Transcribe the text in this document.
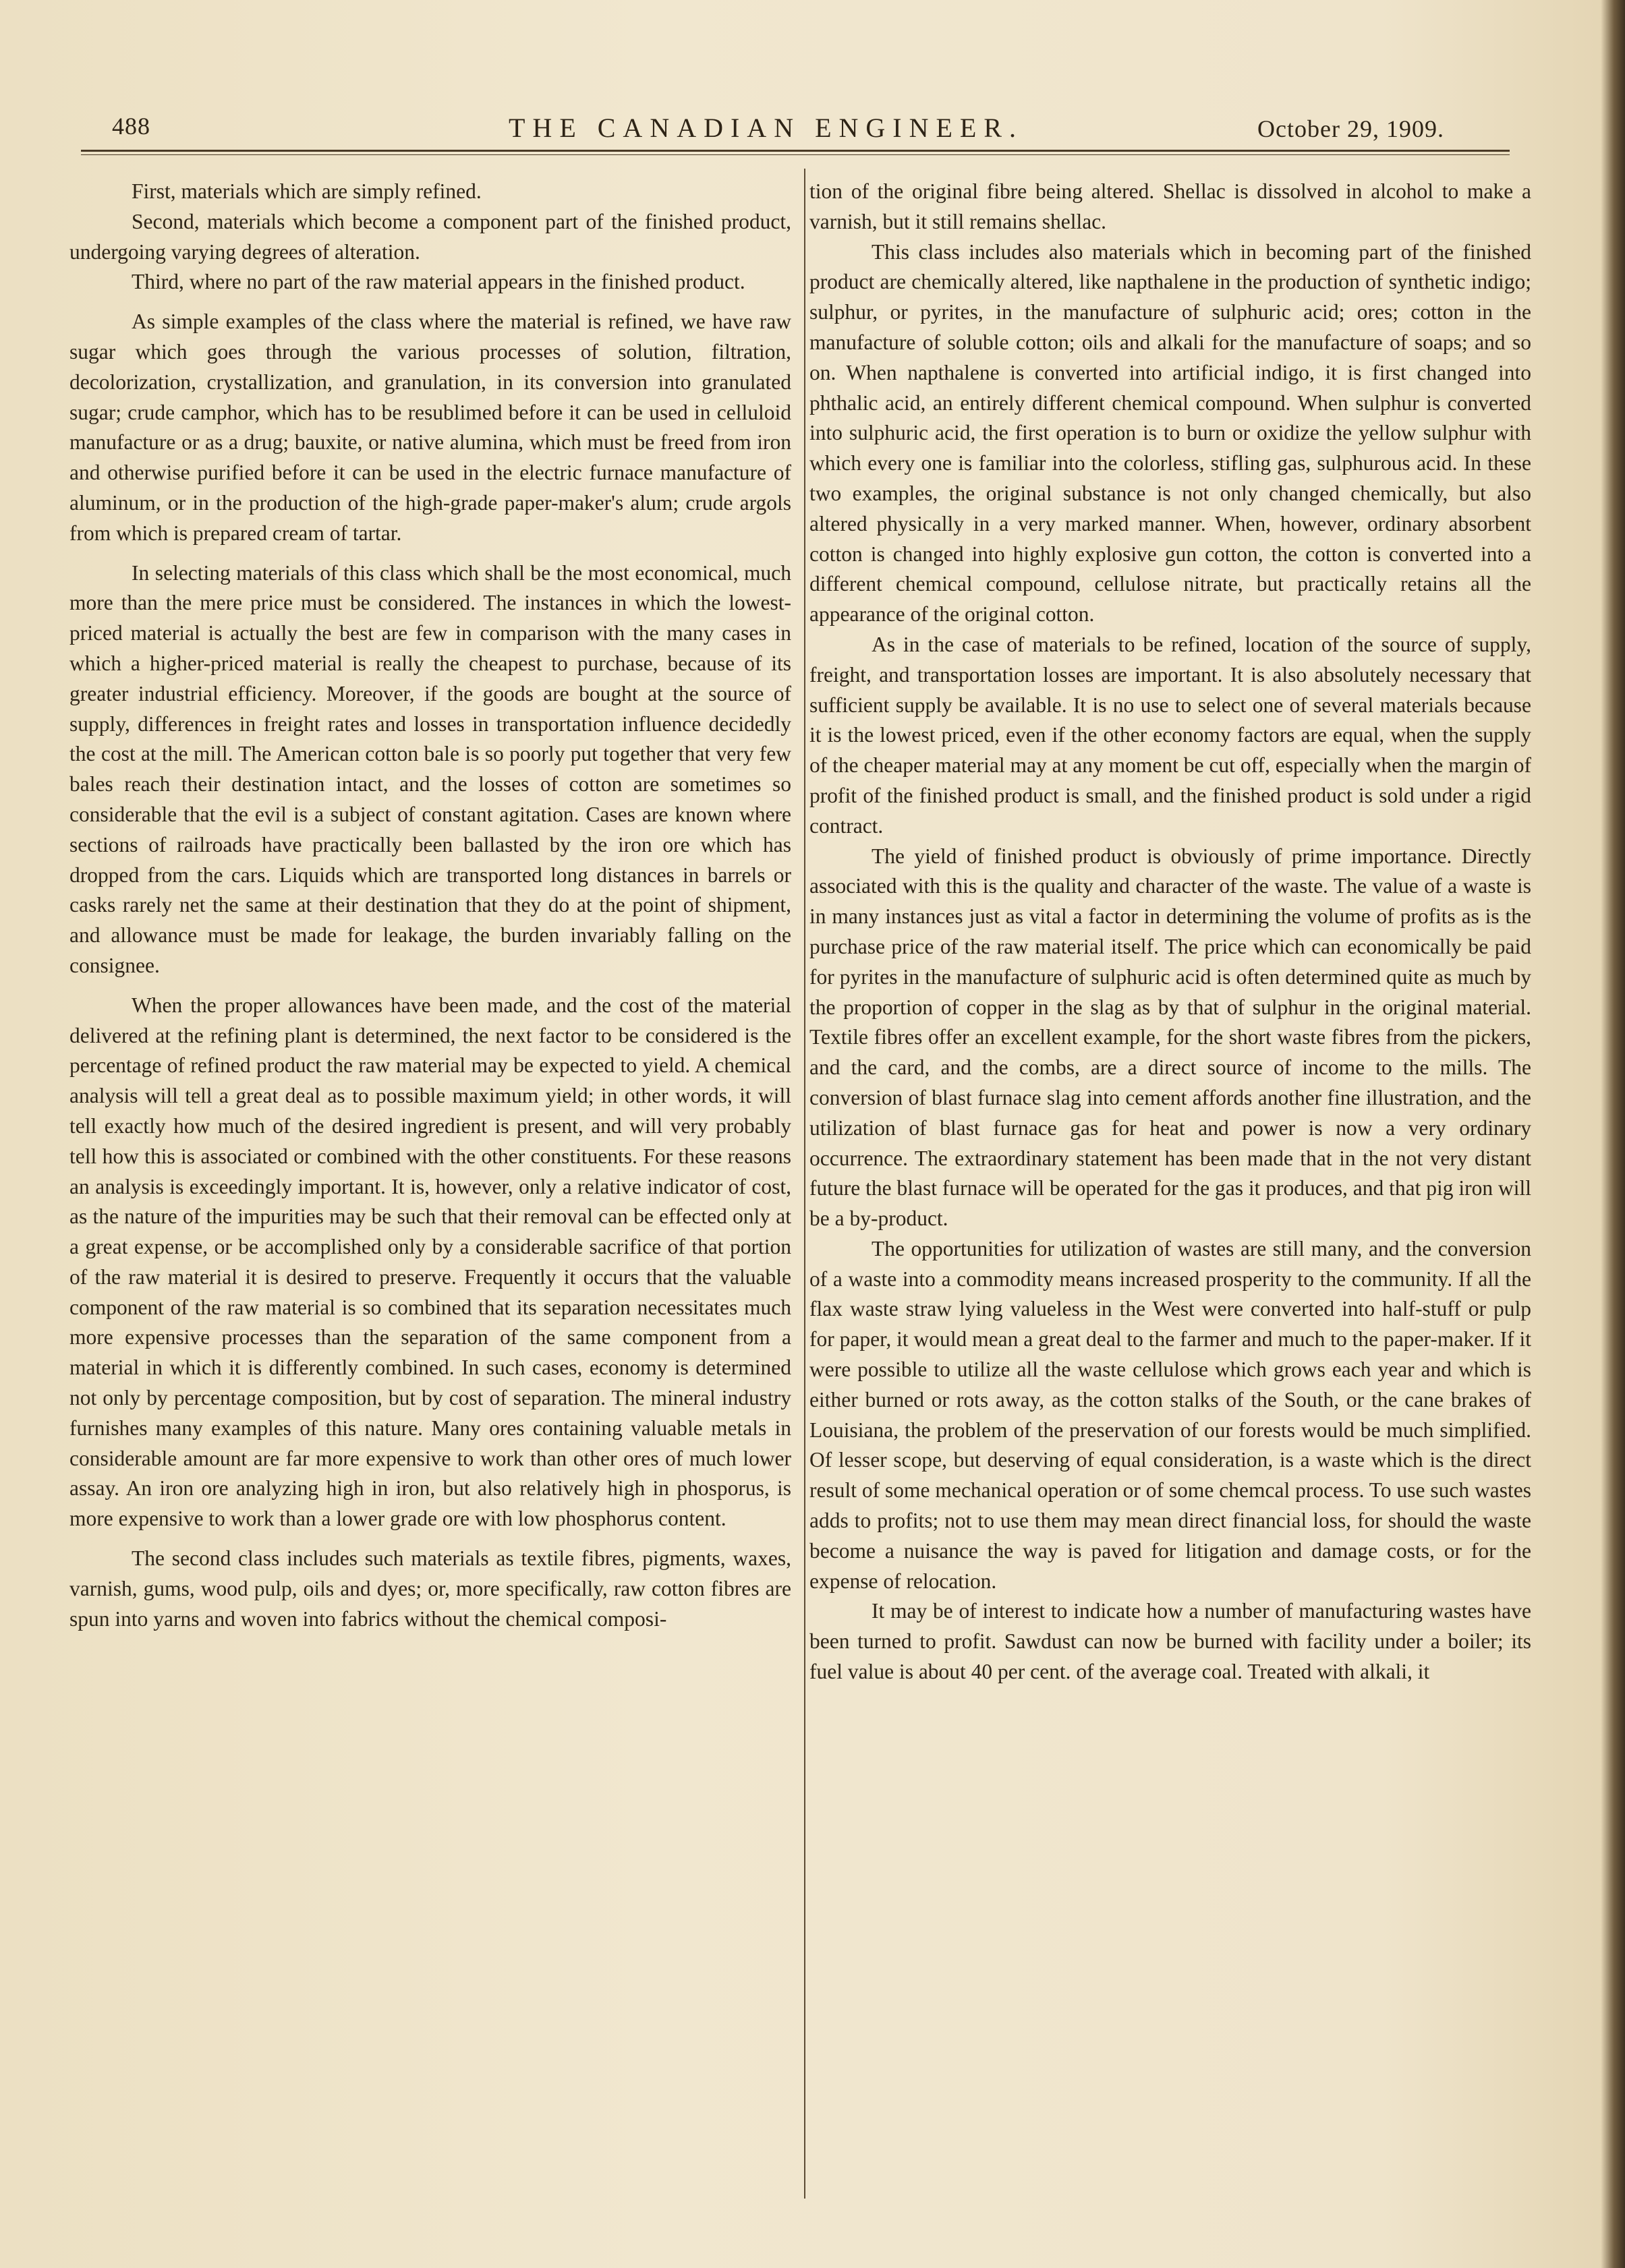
488	THE CANADIAN ENGINEER.	October 29, 1909.

First, materials which are simply refined.

Second, materials which become a component part of the finished product, undergoing varying degrees of alteration.

Third, where no part of the raw material appears in the finished product.

As simple examples of the class where the material is refined, we have raw sugar which goes through the various processes of solution, filtration, decolorization, crystallization, and granulation, in its conversion into granulated sugar; crude camphor, which has to be resublimed before it can be used in celluloid manufacture or as a drug; bauxite, or native alumina, which must be freed from iron and otherwise purified before it can be used in the electric furnace manufacture of aluminum, or in the production of the high-grade paper-maker's alum; crude argols from which is prepared cream of tartar.

In selecting materials of this class which shall be the most economical, much more than the mere price must be considered. The instances in which the lowest-priced material is actually the best are few in comparison with the many cases in which a higher-priced material is really the cheapest to purchase, because of its greater industrial efficiency. Moreover, if the goods are bought at the source of supply, differences in freight rates and losses in transportation influence decidedly the cost at the mill. The American cotton bale is so poorly put together that very few bales reach their destination intact, and the losses of cotton are sometimes so considerable that the evil is a subject of constant agitation. Cases are known where sections of railroads have practically been ballasted by the iron ore which has dropped from the cars. Liquids which are transported long distances in barrels or casks rarely net the same at their destination that they do at the point of shipment, and allowance must be made for leakage, the burden invariably falling on the consignee.

When the proper allowances have been made, and the cost of the material delivered at the refining plant is determined, the next factor to be considered is the percentage of refined product the raw material may be expected to yield. A chemical analysis will tell a great deal as to possible maximum yield; in other words, it will tell exactly how much of the desired ingredient is present, and will very probably tell how this is associated or combined with the other constituents. For these reasons an analysis is exceedingly important. It is, however, only a relative indicator of cost, as the nature of the impurities may be such that their removal can be effected only at a great expense, or be accomplished only by a considerable sacrifice of that portion of the raw material it is desired to preserve. Frequently it occurs that the valuable component of the raw material is so combined that its separation necessitates much more expensive processes than the separation of the same component from a material in which it is differently combined. In such cases, economy is determined not only by percentage composition, but by cost of separation. The mineral industry furnishes many examples of this nature. Many ores containing valuable metals in considerable amount are far more expensive to work than other ores of much lower assay. An iron ore analyzing high in iron, but also relatively high in phosporus, is more expensive to work than a lower grade ore with low phosphorus content.

The second class includes such materials as textile fibres, pigments, waxes, varnish, gums, wood pulp, oils and dyes; or, more specifically, raw cotton fibres are spun into yarns and woven into fabrics without the chemical composi-

tion of the original fibre being altered. Shellac is dissolved in alcohol to make a varnish, but it still remains shellac.

This class includes also materials which in becoming part of the finished product are chemically altered, like napthalene in the production of synthetic indigo; sulphur, or pyrites, in the manufacture of sulphuric acid; ores; cotton in the manufacture of soluble cotton; oils and alkali for the manufacture of soaps; and so on. When napthalene is converted into artificial indigo, it is first changed into phthalic acid, an entirely different chemical compound. When sulphur is converted into sulphuric acid, the first operation is to burn or oxidize the yellow sulphur with which every one is familiar into the colorless, stifling gas, sulphurous acid. In these two examples, the original substance is not only changed chemically, but also altered physically in a very marked manner. When, however, ordinary absorbent cotton is changed into highly explosive gun cotton, the cotton is converted into a different chemical compound, cellulose nitrate, but practically retains all the appearance of the original cotton.

As in the case of materials to be refined, location of the source of supply, freight, and transportation losses are important. It is also absolutely necessary that sufficient supply be available. It is no use to select one of several materials because it is the lowest priced, even if the other economy factors are equal, when the supply of the cheaper material may at any moment be cut off, especially when the margin of profit of the finished product is small, and the finished product is sold under a rigid contract.

The yield of finished product is obviously of prime importance. Directly associated with this is the quality and character of the waste. The value of a waste is in many instances just as vital a factor in determining the volume of profits as is the purchase price of the raw material itself. The price which can economically be paid for pyrites in the manufacture of sulphuric acid is often determined quite as much by the proportion of copper in the slag as by that of sulphur in the original material. Textile fibres offer an excellent example, for the short waste fibres from the pickers, and the card, and the combs, are a direct source of income to the mills. The conversion of blast furnace slag into cement affords another fine illustration, and the utilization of blast furnace gas for heat and power is now a very ordinary occurrence. The extraordinary statement has been made that in the not very distant future the blast furnace will be operated for the gas it produces, and that pig iron will be a by-product.

The opportunities for utilization of wastes are still many, and the conversion of a waste into a commodity means increased prosperity to the community. If all the flax waste straw lying valueless in the West were converted into half-stuff or pulp for paper, it would mean a great deal to the farmer and much to the paper-maker. If it were possible to utilize all the waste cellulose which grows each year and which is either burned or rots away, as the cotton stalks of the South, or the cane brakes of Louisiana, the problem of the preservation of our forests would be much simplified. Of lesser scope, but deserving of equal consideration, is a waste which is the direct result of some mechanical operation or of some chemcal process. To use such wastes adds to profits; not to use them may mean direct financial loss, for should the waste become a nuisance the way is paved for litigation and damage costs, or for the expense of relocation.

It may be of interest to indicate how a number of manufacturing wastes have been turned to profit. Sawdust can now be burned with facility under a boiler; its fuel value is about 40 per cent. of the average coal. Treated with alkali, it
